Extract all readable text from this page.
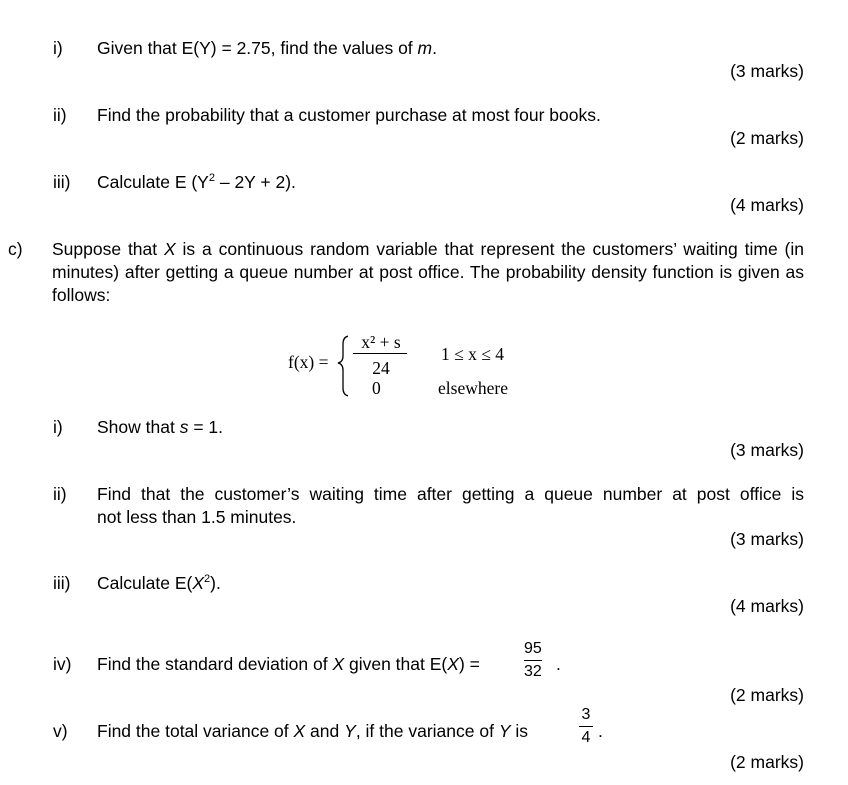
i) Given that E(Y) = 2.75, find the values of m.
(3 marks)
ii) Find the probability that a customer purchase at most four books.
(2 marks)
iii) Calculate E $(Y^2 - 2Y + 2)$.
(4 marks)
c) Suppose that X is a continuous random variable that represent the customers’ waiting time (in minutes) after getting a queue number at post office. The probability density function is given as follows:
f(x) =
x² + s
24
0
1 ≤ x ≤ 4
elsewhere
i) Show that s = 1.
(3 marks)
ii) Find that the customer’s waiting time after getting a queue number at post office is
not less than 1.5 minutes.
(3 marks)
iii) Calculate $E(X^2)$.
(4 marks)
iv) Find the standard deviation of X given that E(X) =
95
32 .
(2 marks)
v) Find the total variance of X and Y, if the variance of Y is
3
4 .
(2 marks)
